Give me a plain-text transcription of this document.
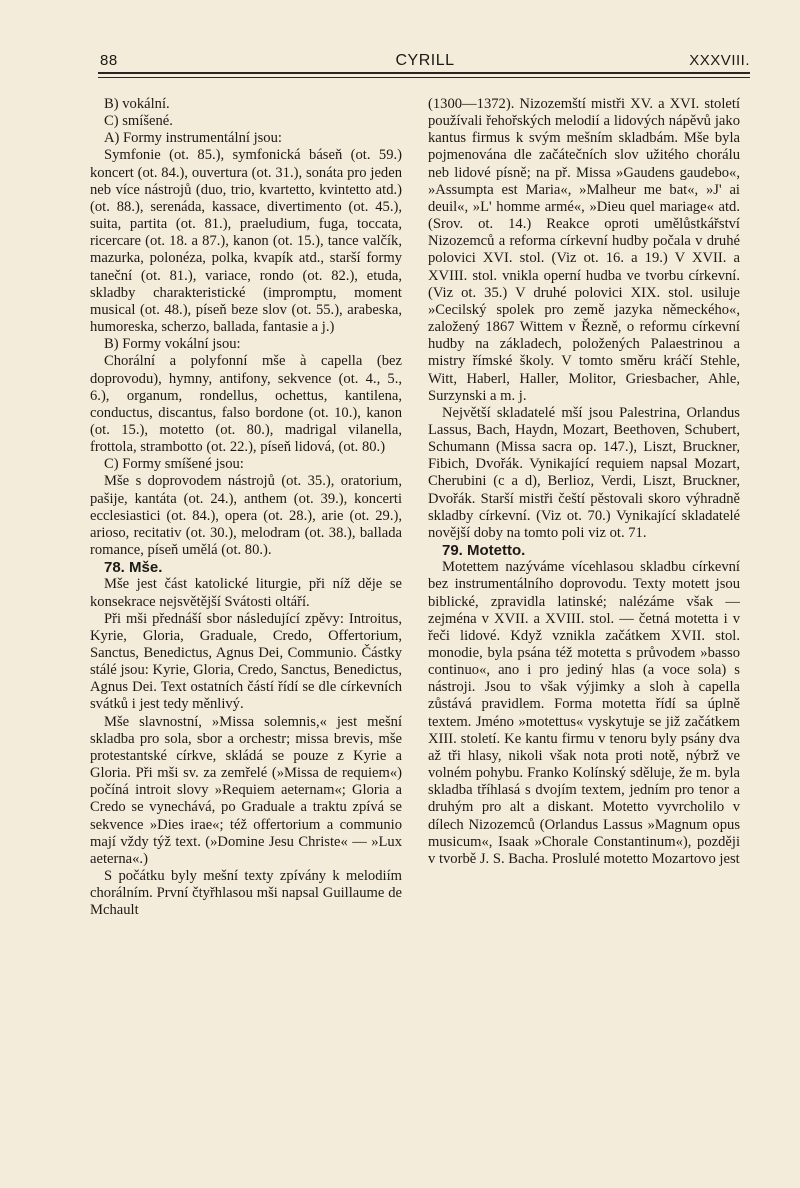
88	CYRILL	XXXVIII.

B) vokální.

C) smíšené.

A) Formy instrumentální jsou:

Symfonie (ot. 85.), symfonická báseň (ot. 59.) koncert (ot. 84.), ouvertura (ot. 31.), sonáta pro jeden neb více nástrojů (duo, trio, kvartetto, kvintetto atd.) (ot. 88.), serenáda, kassace, divertimento (ot. 45.), suita, partita (ot. 81.), praeludium, fuga, toccata, ricercare (ot. 18. a 87.), kanon (ot. 15.), tance valčík, mazurka, polonéza, polka, kvapík atd., starší formy taneční (ot. 81.), variace, rondo (ot. 82.), etuda, skladby charakteristické (impromptu, moment musical (ot. 48.), píseň beze slov (ot. 55.), arabeska, humoreska, scherzo, ballada, fantasie a j.)

B) Formy vokální jsou:

Chorální a polyfonní mše à capella (bez doprovodu), hymny, antifony, sekvence (ot. 4., 5., 6.), organum, rondellus, ochettus, kantilena, conductus, discantus, falso bordone (ot. 10.), kanon (ot. 15.), motetto (ot. 80.), madrigal vilanella, frottola, strambotto (ot. 22.), píseň lidová, (ot. 80.)

C) Formy smíšené jsou:

Mše s doprovodem nástrojů (ot. 35.), oratorium, pašije, kantáta (ot. 24.), anthem (ot. 39.), koncerti ecclesiastici (ot. 84.), opera (ot. 28.), arie (ot. 29.), arioso, recitativ (ot. 30.), melodram (ot. 38.), ballada romance, píseň umělá (ot. 80.).

78. Mše.

Mše jest část katolické liturgie, při níž děje se konsekrace nejsvětější Svátosti oltáří.

Při mši přednáší sbor následující zpěvy: Introitus, Kyrie, Gloria, Graduale, Credo, Offertorium, Sanctus, Benedictus, Agnus Dei, Communio. Částky stálé jsou: Kyrie, Gloria, Credo, Sanctus, Benedictus, Agnus Dei. Text ostatních částí řídí se dle církevních svátků i jest tedy měnlivý.

Mše slavnostní, »Missa solemnis,« jest mešní skladba pro sola, sbor a orchestr; missa brevis, mše protestantské církve, skládá se pouze z Kyrie a Gloria. Při mši sv. za zemřelé (»Missa de requiem«) počíná introit slovy »Requiem aeternam«; Gloria a Credo se vynechává, po Graduale a traktu zpívá se sekvence »Dies irae«; též offertorium a communio mají vždy týž text. (»Domine Jesu Christe« — »Lux aeterna«.)

S počátku byly mešní texty zpívány k melodiím chorálním. První čtyřhlasou mši napsal Guillaume de Mchault

(1300—1372). Nizozemští mistři XV. a XVI. století používali řehořských melodií a lidových nápěvů jako kantus firmus k svým mešním skladbám. Mše byla pojmenována dle začátečních slov užitého chorálu neb lidové písně; na př. Missa »Gaudens gaudebo«, »Assumpta est Maria«, »Malheur me bat«, »J' ai deuil«, »L' homme armé«, »Dieu quel mariage« atd. (Srov. ot. 14.) Reakce oproti umělůstkářství Nizozemců a reforma církevní hudby počala v druhé polovici XVI. stol. (Viz ot. 16. a 19.) V XVII. a XVIII. stol. vnikla operní hudba ve tvorbu církevní. (Viz ot. 35.) V druhé polovici XIX. stol. usiluje »Cecilský spolek pro země jazyka německého«, založený 1867 Wittem v Řezně, o reformu církevní hudby na základech, položených Palaestrinou a mistry římské školy. V tomto směru kráčí Stehle, Witt, Haberl, Haller, Molitor, Griesbacher, Ahle, Surzynski a m. j.

Největší skladatelé mší jsou Palestrina, Orlandus Lassus, Bach, Haydn, Mozart, Beethoven, Schubert, Schumann (Missa sacra op. 147.), Liszt, Bruckner, Fibich, Dvořák. Vynikající requiem napsal Mozart, Cherubini (c a d), Berlioz, Verdi, Liszt, Bruckner, Dvořák. Starší mistři čeští pěstovali skoro výhradně skladby církevní. (Viz ot. 70.) Vynikající skladatelé novější doby na tomto poli viz ot. 71.

79. Motetto.

Motettem nazýváme vícehlasou skladbu církevní bez instrumentálního doprovodu. Texty motett jsou biblické, zpravidla latinské; nalézáme však — zejména v XVII. a XVIII. stol. — četná motetta i v řeči lidové. Když vznikla začátkem XVII. stol. monodie, byla psána též motetta s průvodem »basso continuo«, ano i pro jediný hlas (a voce sola) s nástroji. Jsou to však výjimky a sloh à capella zůstává pravidlem. Forma motetta řídí sa úplně textem. Jméno »motettus« vyskytuje se již začátkem XIII. století. Ke kantu firmu v tenoru byly psány dva až tři hlasy, nikoli však nota proti notě, nýbrž ve volném pohybu. Franko Kolínský sděluje, že m. byla skladba tříhlasá s dvojím textem, jedním pro tenor a druhým pro alt a diskant. Motetto vyvrcholilo v dílech Nizozemců (Orlandus Lassus »Magnum opus musicum«, Isaak »Chorale Constantinum«), později v tvorbě J. S. Bacha. Proslulé motetto Mozartovo jest
